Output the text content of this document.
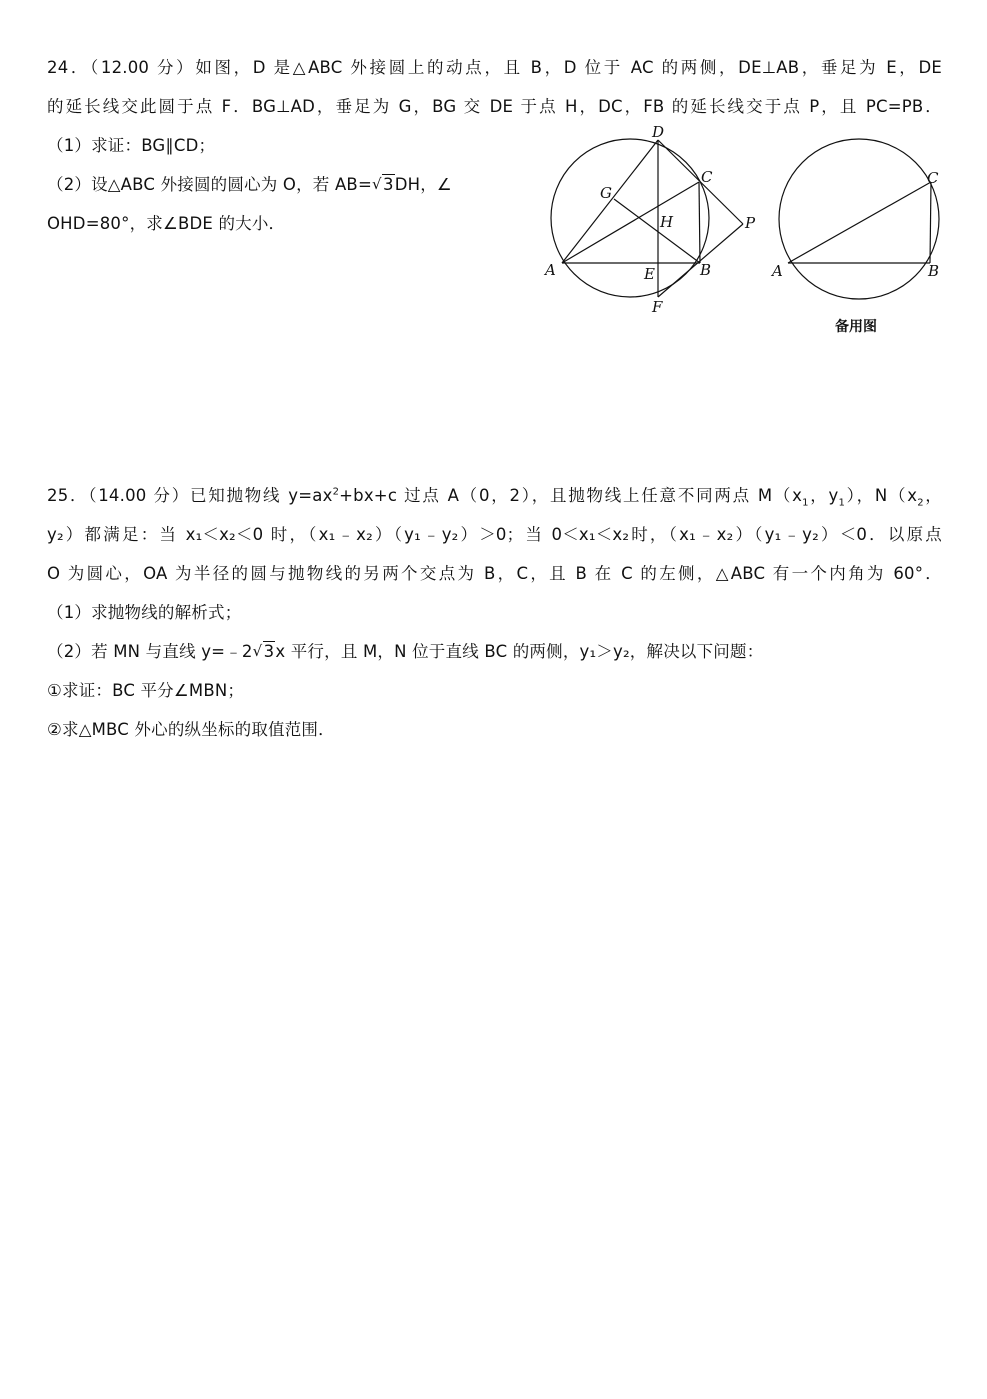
24．（12.00 分）如图，D 是△ABC 外接圆上的动点，且 B，D 位于 AC 的两侧，DE⊥AB，垂足为 E，DE
的延长线交此圆于点 F．BG⊥AD，垂足为 G，BG 交 DE 于点 H，DC，FB 的延长线交于点 P，且 PC=PB．
（1）求证：BG∥CD；
（2）设△ABC 外接圆的圆心为 O，若 AB= √ 3DH，∠
OHD=80°，求∠BDE 的大小．
D
C
G
H	P
A	E	B
F
C
A	B
备用图
25．（14.00 分）已知抛物线 $y=ax^2+bx+c$ 过点 A（0，2），且抛物线上任意不同两点 $M(x_1$，$y_1$），$N(x_2$，
y₂）都满足：当 x₁＜x₂＜0 时，（x₁﹣x₂）（y₁﹣y₂）＞0；当 0＜x₁＜x₂时，（x₁﹣x₂）（y₁﹣y₂）＜0．以原点
O 为圆心，OA 为半径的圆与抛物线的另两个交点为 B，C，且 B 在 C 的左侧，△ABC 有一个内角为 60°．
（1）求抛物线的解析式；
（2）若 MN 与直线 y=﹣2 √ 3x 平行，且 M，N 位于直线 BC 的两侧，y₁＞y₂，解决以下问题：
①求证：BC 平分∠MBN；
②求△MBC 外心的纵坐标的取值范围．
